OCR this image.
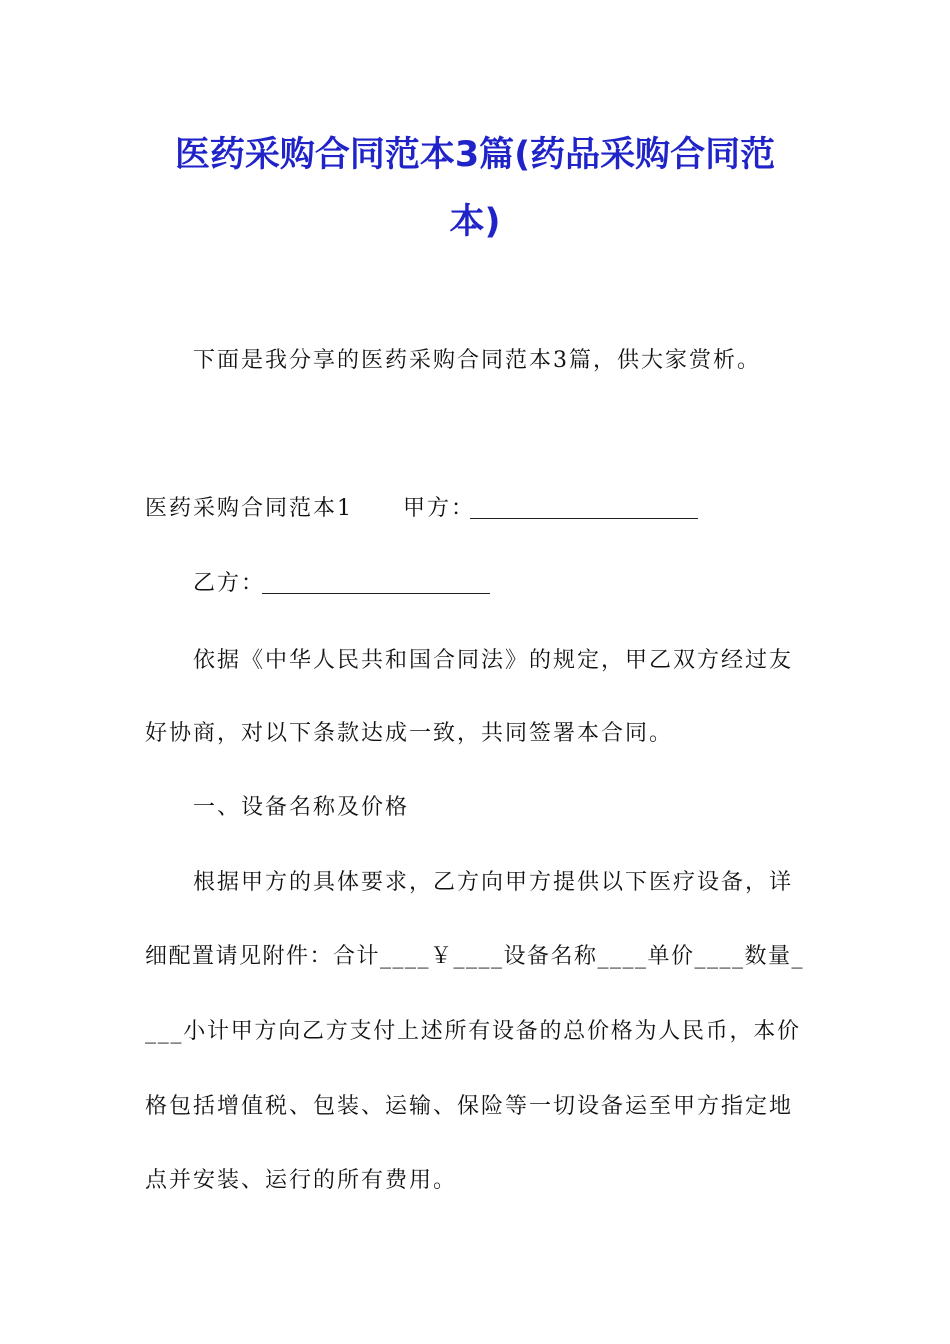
医药采购合同范本3篇(药品采购合同范
本)
下面是我分享的医药采购合同范本3篇，供大家赏析。
医药采购合同范本1 甲方：
乙方：
依据《中华人民共和国合同法》的规定，甲乙双方经过友
好协商，对以下条款达成一致，共同签署本合同。
一、设备名称及价格
根据甲方的具体要求，乙方向甲方提供以下医疗设备，详
细配置请见附件：合计____￥____设备名称____单价____数量_
___小计甲方向乙方支付上述所有设备的总价格为人民币，本价
格包括增值税、包装、运输、保险等一切设备运至甲方指定地
点并安装、运行的所有费用。
